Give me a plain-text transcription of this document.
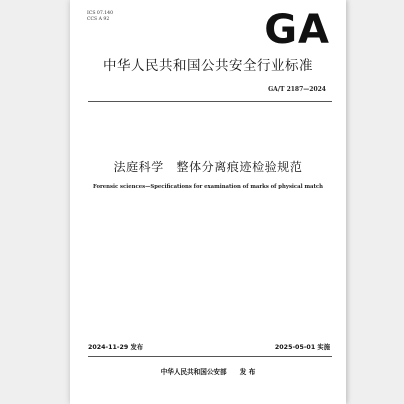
ICS 07.140
CCS A 92	GA
中华人民共和国公共安全行业标准
GA/T 2187—2024
法庭科学　整体分离痕迹检验规范
Forensic sciences—Specifications for examination of marks of physical match
2024-11-29 发布	2025-05-01 实施
中华人民共和国公安部　　发 布
